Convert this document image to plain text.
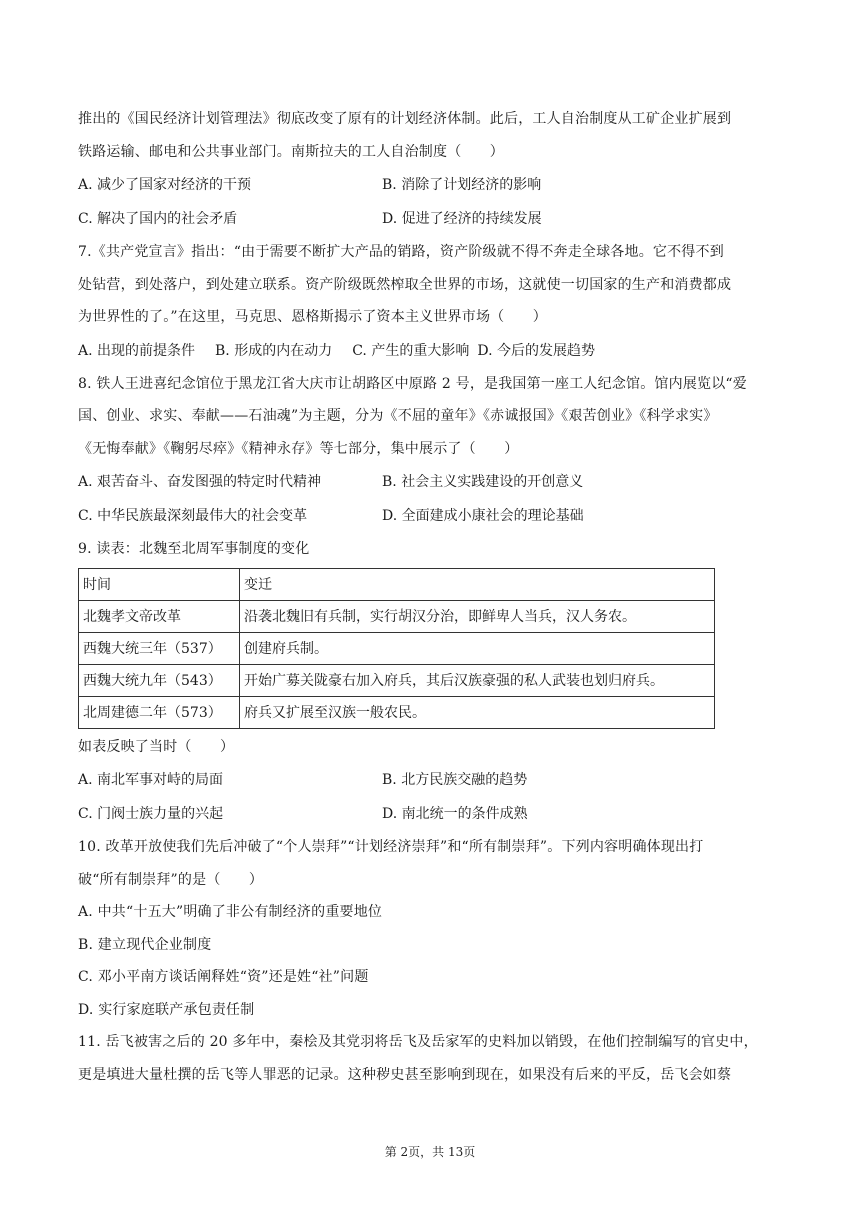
推出的《国民经济计划管理法》彻底改变了原有的计划经济体制。此后，工人自治制度从工矿企业扩展到

铁路运输、邮电和公共事业部门。南斯拉夫的工人自治制度（　　）

A. 减少了国家对经济的干预	B. 消除了计划经济的影响
C. 解决了国内的社会矛盾	D. 促进了经济的持续发展

7.《共产党宣言》指出：“由于需要不断扩大产品的销路，资产阶级就不得不奔走全球各地。它不得不到

处钻营，到处落户，到处建立联系。资产阶级既然榨取全世界的市场，这就使一切国家的生产和消费都成

为世界性的了。”在这里，马克思、恩格斯揭示了资本主义世界市场（　　）

A. 出现的前提条件 B. 形成的内在动力 C. 产生的重大影响 D. 今后的发展趋势

8. 铁人王进喜纪念馆位于黑龙江省大庆市让胡路区中原路 2 号，是我国第一座工人纪念馆。馆内展览以“爱

国、创业、求实、奉献——石油魂”为主题，分为《不屈的童年》《赤诚报国》《艰苦创业》《科学求实》

《无悔奉献》《鞠躬尽瘁》《精神永存》等七部分，集中展示了（　　）

A. 艰苦奋斗、奋发图强的特定时代精神	B. 社会主义实践建设的开创意义
C. 中华民族最深刻最伟大的社会变革	D. 全面建成小康社会的理论基础

9. 读表：北魏至北周军事制度的变化

时间	变迁
北魏孝文帝改革	沿袭北魏旧有兵制，实行胡汉分治，即鲜卑人当兵，汉人务农。
西魏大统三年（537）	创建府兵制。
西魏大统九年（543）	开始广募关陇豪右加入府兵，其后汉族豪强的私人武装也划归府兵。
北周建德二年（573）	府兵又扩展至汉族一般农民。

如表反映了当时（　　）

A. 南北军事对峙的局面	B. 北方民族交融的趋势
C. 门阀士族力量的兴起	D. 南北统一的条件成熟

10. 改革开放使我们先后冲破了“个人崇拜”“计划经济崇拜”和“所有制崇拜”。下列内容明确体现出打

破“所有制崇拜”的是（　　）

A. 中共“十五大”明确了非公有制经济的重要地位

B. 建立现代企业制度

C. 邓小平南方谈话阐释姓“资”还是姓“社”问题

D. 实行家庭联产承包责任制

11. 岳飞被害之后的 20 多年中，秦桧及其党羽将岳飞及岳家军的史料加以销毁，在他们控制编写的官史中，

更是填进大量杜撰的岳飞等人罪恶的记录。这种秽史甚至影响到现在，如果没有后来的平反，岳飞会如蔡

第 2页，共 13页
